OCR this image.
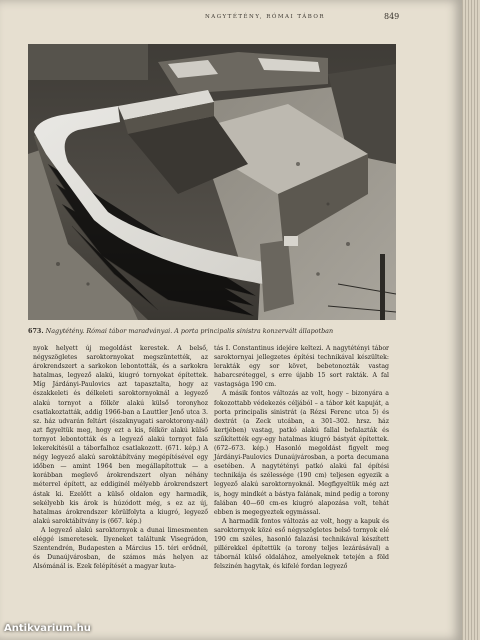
NAGYTÉTÉNY, RÓMAI TÁBOR	849
673. Nagytétény. Római tábor maradványai. A porta principalis sinistra konzervált állapotban

nyok helyett új megoldást kerestek. A belső, négyszögletes saroktornyokat megszüntették, az árokrendszert a sarkokon lebontották, és a sarkokra hatalmas, legyező alakú, kiugró tornyokat építettek. Míg Járdányi-Paulovics azt tapasztalta, hogy az északkeleti és délkeleti saroktornyoknál a legyező alakú tornyot a fölkör alakú külső toronyhoz csatlakoztatták, addig 1966-ban a Lauttler Jenő utca 3. sz. ház udvarán feltárt (északnyugati saroktorony-nál) azt figyeltük meg, hogy ezt a kis, félkör alakú külső tornyot lebontották és a legyező alakú tornyot fala lekerekítésül a táborfalhoz csatlakozott. (671. kép.) A négy legyező alakú saroktábítvány megépítésével egy időben — amint 1964 ben megállapítottuk — a korábban meglevő árokrendszert olyan néhány méterrel épített, az eddiginél mélyebb árokrendszert ástak ki. Ezelőtt a külső oldalon egy harmadik, sekélyebb kis árok is húzódott még, s ez az új, hatalmas árokrendszer körülfolyta a kiugró, legyező alakú saroktábítvány is (667. kép.)

A legyező alakú saroktornyok a dunai limesmenten eléggé ismeretesek. Ilyeneket találtunk Visegrádon, Szentendrén, Budapesten a Március 15. téri erődnél, és Dunaújvárosban, de számos más helyen az Alsómánál is. Ezek felépítését a magyar kuta-

tás I. Constantinus idejére keltezi. A nagytétényi tábor saroktornyai jellegzetes építési technikával készültek: lerakták egy sor követ, bebetonozták vastag habarcsréteggel, s erre újabb 15 sort rakták. A fal vastagsága 190 cm.

A másik fontos változás az volt, hogy – bizonyára a fokozottabb védekezés céljából – a tábor két kapuját, a porta principalis sinistrát (a Rézsi Ferenc utca 5) és dextrát (a Zeck utcában, a 301–302. hrsz. ház kertjében) vastag, patkó alakú fallal befalazták és szűkítették egy-egy hatalmas kiugró bástyát építettek. (672–673. kép.) Hasonló megoldást figyelt meg Járdányi-Paulovics Dunaújvárosban, a porta decumana esetében. A nagytétényi patkó alakú fal építési technikája és szélessége (190 cm) teljesen egyezik a legyező alakú saroktornyoknál. Megfigyeltük még azt is, hogy mindkét a bástya falának, mind pedig a torony falában 40—60 cm-es kiugró alapozása volt, tehát ebben is megegyeztek egymással.

A harmadik fontos változás az volt, hogy a kapuk és saroktornyok közé eső négyszögletes belső tornyok elé 190 cm széles, hasonló falazási technikával készített pillérekkel építettük (a torony teljes lezárásával) a tábornál külső oldalához, amelyeknek tetején a föld felszinén hagytak, és kifelé fordan legyező

Antikvarium.hu
